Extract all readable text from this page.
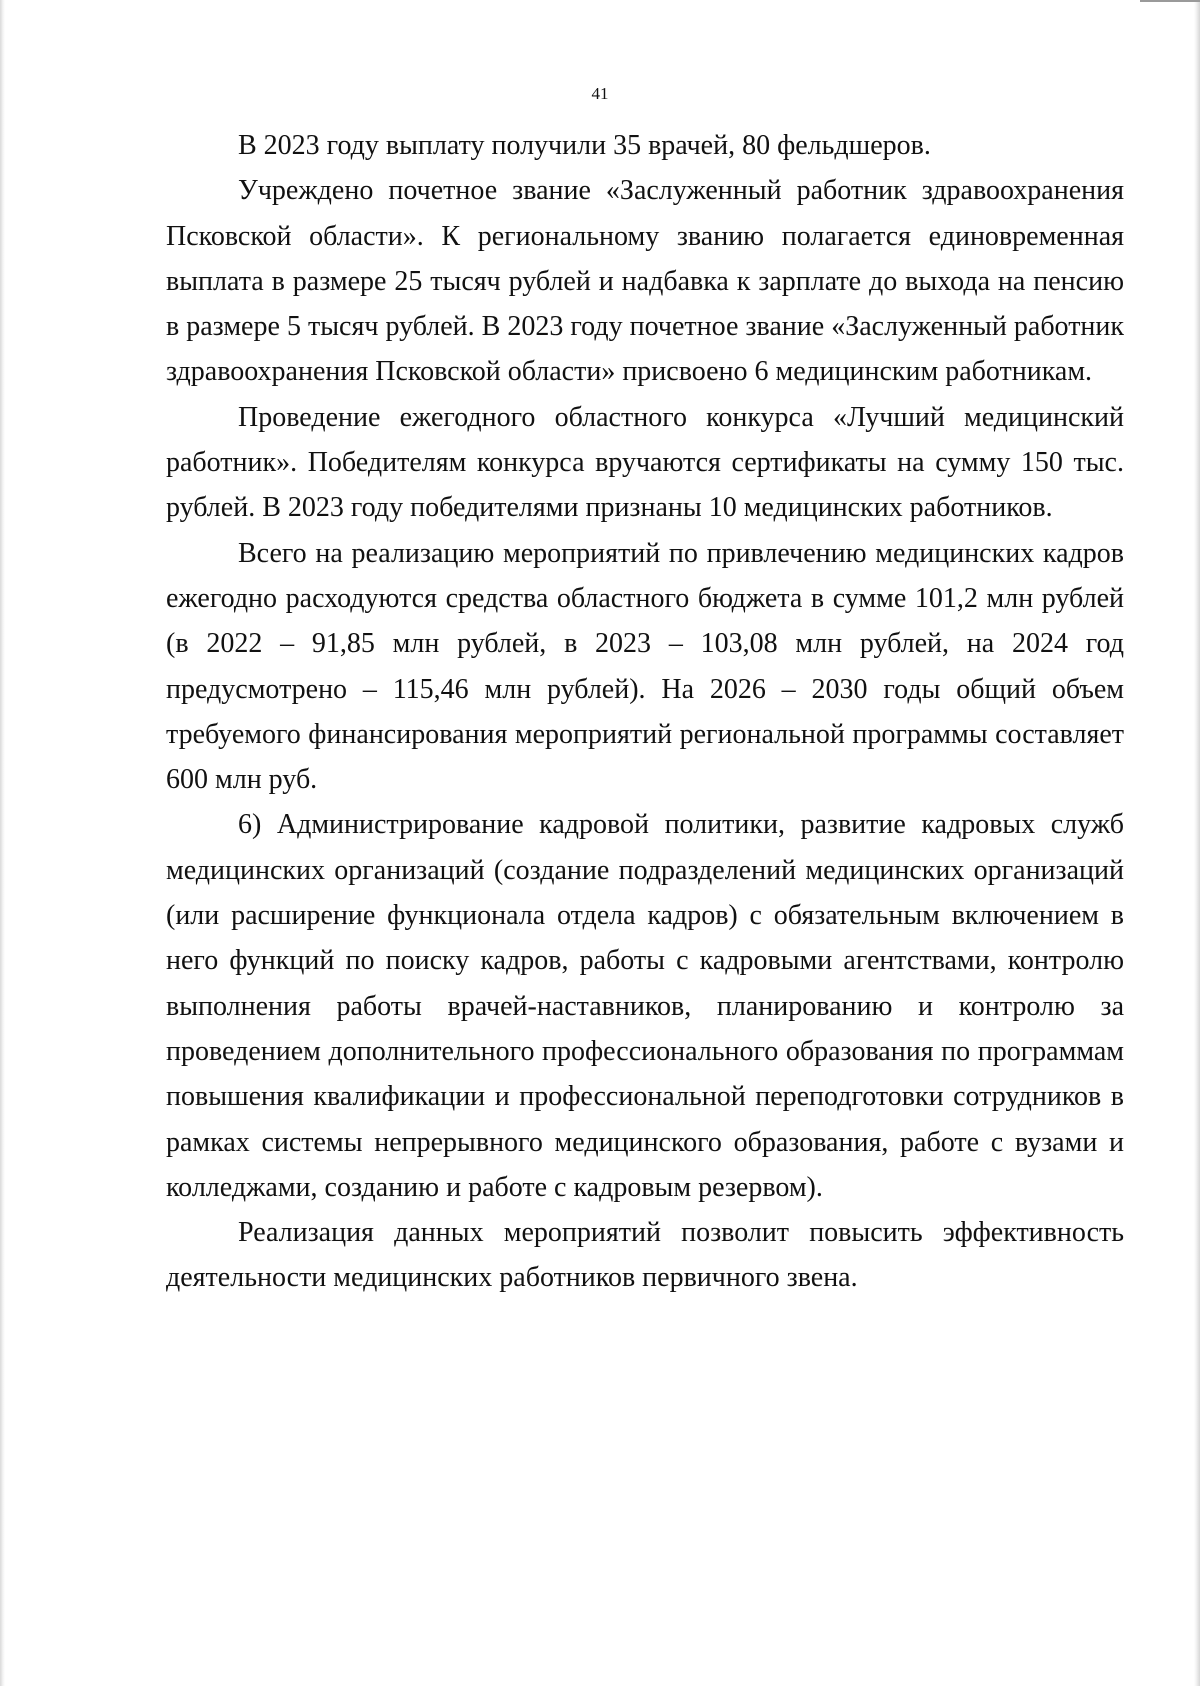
41

В 2023 году выплату получили 35 врачей, 80 фельдшеров.

Учреждено почетное звание «Заслуженный работник здравоохранения Псковской области». К региональному званию полагается единовременная выплата в размере 25 тысяч рублей и надбавка к зарплате до выхода на пенсию в размере 5 тысяч рублей. В 2023 году почетное звание «Заслуженный работник здравоохранения Псковской области» присвоено 6 медицинским работникам.

Проведение ежегодного областного конкурса «Лучший медицинский работник». Победителям конкурса вручаются сертификаты на сумму 150 тыс. рублей. В 2023 году победителями признаны 10 медицинских работников.

Всего на реализацию мероприятий по привлечению медицинских кадров ежегодно расходуются средства областного бюджета в сумме 101,2 млн рублей (в 2022 – 91,85 млн рублей, в 2023 – 103,08 млн рублей, на 2024 год предусмотрено – 115,46 млн рублей). На 2026 – 2030 годы общий объем требуемого финансирования мероприятий региональной программы составляет 600 млн руб.

6) Администрирование кадровой политики, развитие кадровых служб медицинских организаций (создание подразделений медицинских организаций (или расширение функционала отдела кадров) с обязательным включением в него функций по поиску кадров, работы с кадровыми агентствами, контролю выполнения работы врачей-наставников, планированию и контролю за проведением дополнительного профессионального образования по программам повышения квалификации и профессиональной переподготовки сотрудников в рамках системы непрерывного медицинского образования, работе с вузами и колледжами, созданию и работе с кадровым резервом).

Реализация данных мероприятий позволит повысить эффективность деятельности медицинских работников первичного звена.
